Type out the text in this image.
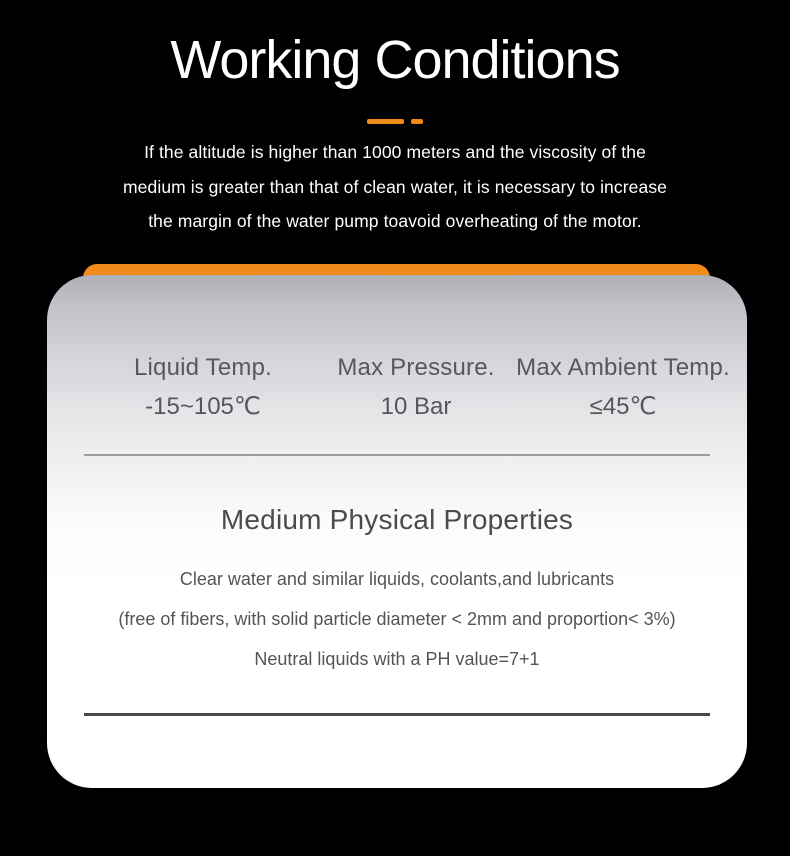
Working Conditions
If the altitude is higher than 1000 meters and the viscosity of the
medium is greater than that of clean water, it is necessary to increase
the margin of the water pump toavoid overheating of the motor.
Liquid Temp.
-15~105℃
Max Pressure.
10 Bar
Max Ambient Temp.
≤45℃
Medium Physical Properties
Clear water and similar liquids, coolants,and lubricants
(free of fibers, with solid particle diameter < 2mm and proportion< 3%)
Neutral liquids with a PH value=7+1
